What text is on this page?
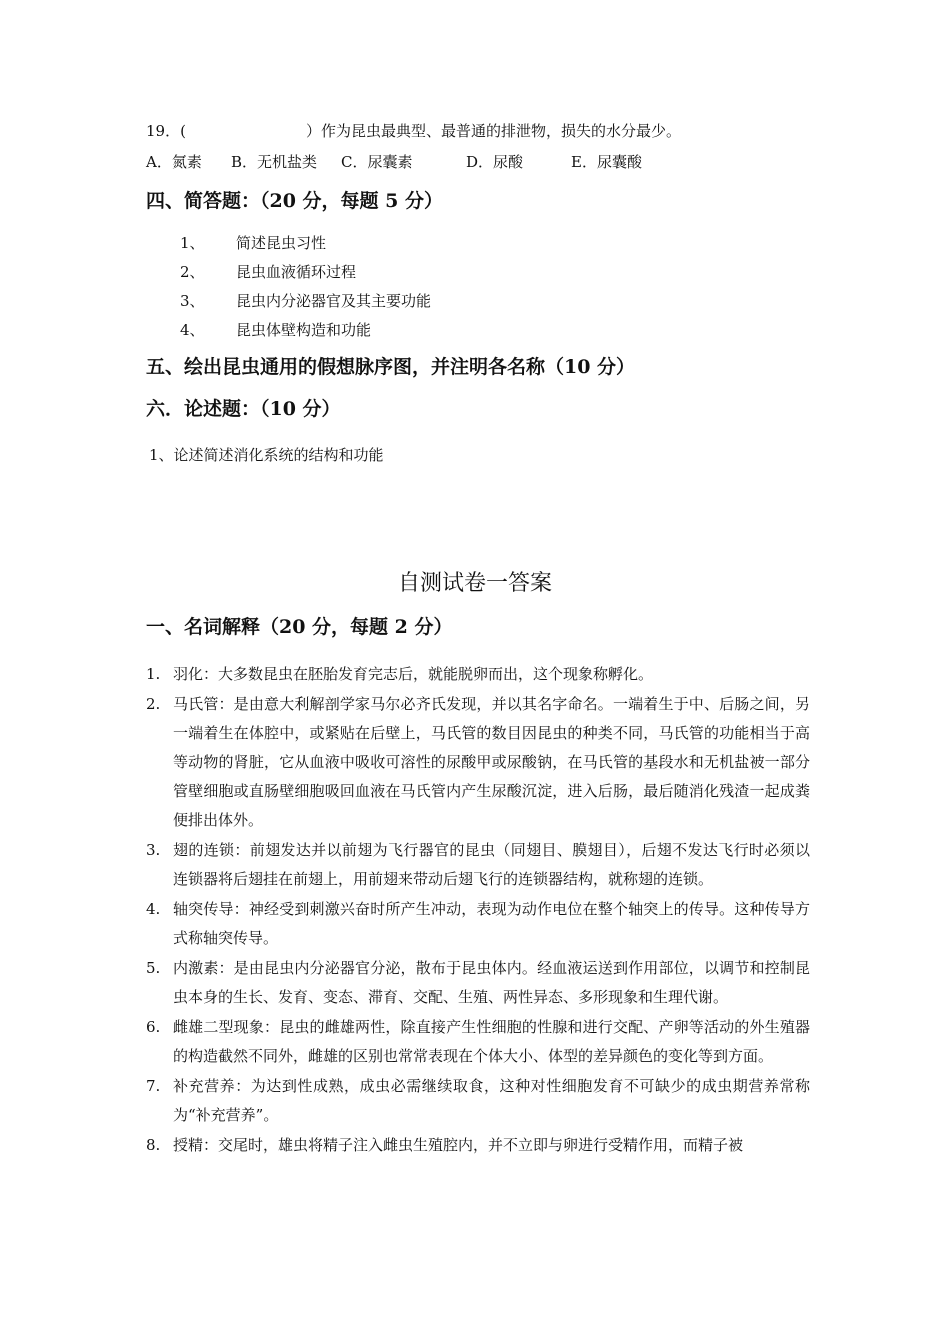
19．(	）作为昆虫最典型、最普通的排泄物，损失的水分最少。
A．氮素 B．无机盐类 C．尿囊素	D．尿酸	E．尿囊酸
四、简答题：（20 分，每题 5 分）
1、 简述昆虫习性
2、 昆虫血液循环过程
3、 昆虫内分泌器官及其主要功能
4、 昆虫体壁构造和功能
五、绘出昆虫通用的假想脉序图，并注明各名称（10 分）
六．论述题：（10 分）
1、论述简述消化系统的结构和功能
自测试卷一答案
一、名词解释（20 分，每题 2 分）
1. 羽化：大多数昆虫在胚胎发育完志后，就能脱卵而出，这个现象称孵化。
2. 马氏管：是由意大利解剖学家马尔必齐氏发现，并以其名字命名。一端着生于中、后肠之间，另一端着生在体腔中，或紧贴在后壁上，马氏管的数目因昆虫的种类不同，马氏管的功能相当于高等动物的肾脏，它从血液中吸收可溶性的尿酸甲或尿酸钠，在马氏管的基段水和无机盐被一部分管壁细胞或直肠壁细胞吸回血液在马氏管内产生尿酸沉淀，进入后肠，最后随消化残渣一起成粪便排出体外。
3. 翅的连锁：前翅发达并以前翅为飞行器官的昆虫（同翅目、膜翅目），后翅不发达飞行时必须以连锁器将后翅挂在前翅上，用前翅来带动后翅飞行的连锁器结构，就称翅的连锁。
4. 轴突传导：神经受到刺激兴奋时所产生冲动，表现为动作电位在整个轴突上的传导。这种传导方式称轴突传导。
5. 内激素：是由昆虫内分泌器官分泌，散布于昆虫体内。经血液运送到作用部位，以调节和控制昆虫本身的生长、发育、变态、滞育、交配、生殖、两性异态、多形现象和生理代谢。
6. 雌雄二型现象：昆虫的雌雄两性，除直接产生性细胞的性腺和进行交配、产卵等活动的外生殖器的构造截然不同外，雌雄的区别也常常表现在个体大小、体型的差异颜色的变化等到方面。
7. 补充营养：为达到性成熟，成虫必需继续取食，这种对性细胞发育不可缺少的成虫期营养常称为“补充营养”。
8. 授精：交尾时，雄虫将精子注入雌虫生殖腔内，并不立即与卵进行受精作用，而精子被
